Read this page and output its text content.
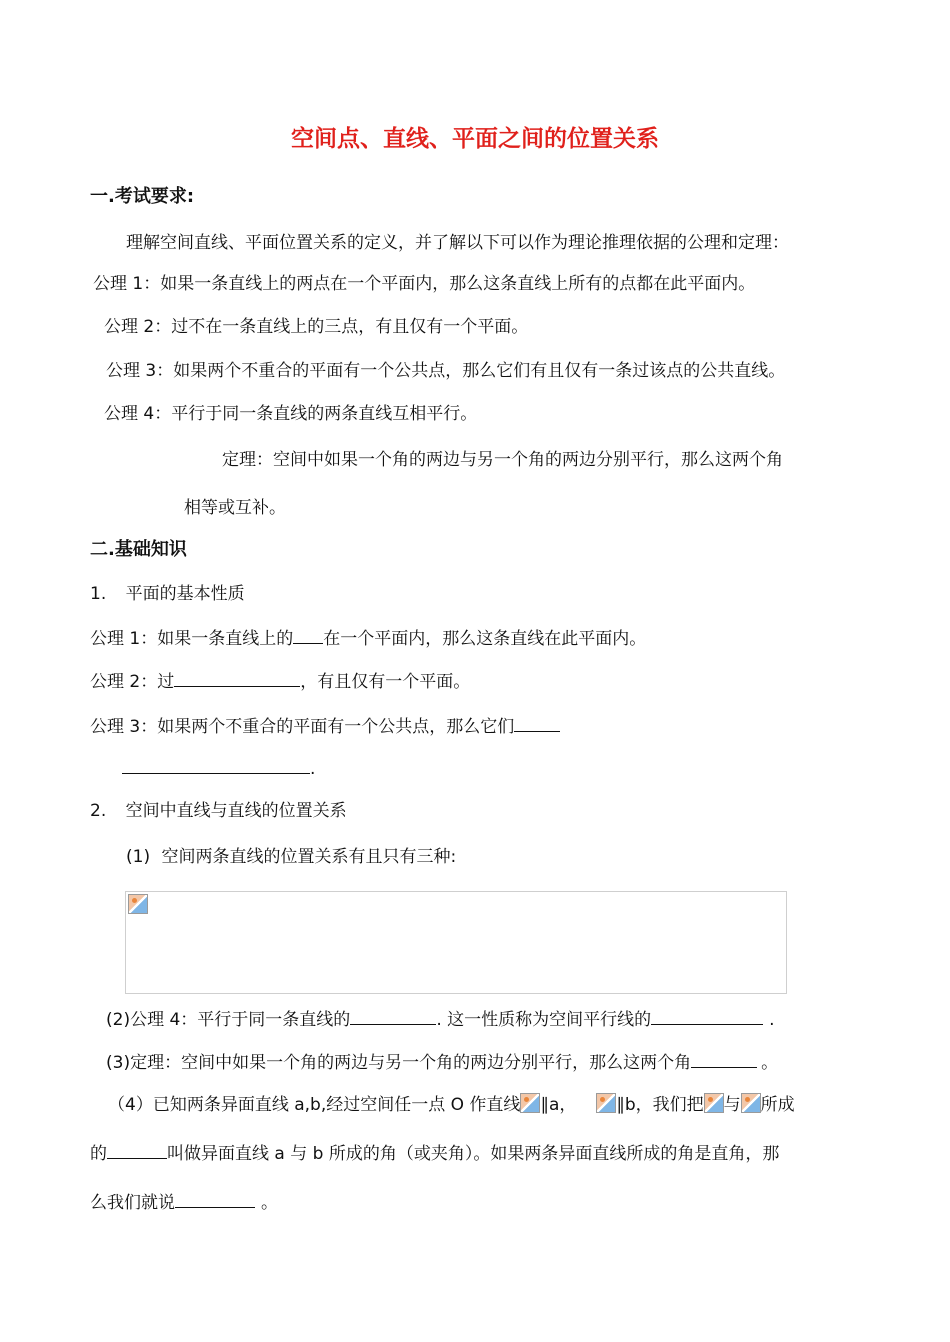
空间点、直线、平面之间的位置关系
一.考试要求:
理解空间直线、平面位置关系的定义，并了解以下可以作为理论推理依据的公理和定理：
公理 1：如果一条直线上的两点在一个平面内，那么这条直线上所有的点都在此平面内。
公理 2：过不在一条直线上的三点，有且仅有一个平面。
公理 3：如果两个不重合的平面有一个公共点，那么它们有且仅有一条过该点的公共直线。
公理 4：平行于同一条直线的两条直线互相平行。
定理：空间中如果一个角的两边与另一个角的两边分别平行，那么这两个角
相等或互补。
二.基础知识
1. 平面的基本性质
公理 1：如果一条直线上的 在一个平面内，那么这条直线在此平面内。
公理 2：过	，有且仅有一个平面。
公理 3：如果两个不重合的平面有一个公共点，那么它们
.
2. 空间中直线与直线的位置关系
(1) 空间两条直线的位置关系有且只有三种:
(2)公理 4：平行于同一条直线的	. 这一性质称为空间平行线的	.
(3)定理：空间中如果一个角的两边与另一个角的两边分别平行，那么这两个角	。
（4）已知两条异面直线 a,b,经过空间任一点 O 作直线 ∥a， ∥b，我们把 与 所成
的	叫做异面直线 a 与 b 所成的角（或夹角）。如果两条异面直线所成的角是直角，那
么我们就说	。
